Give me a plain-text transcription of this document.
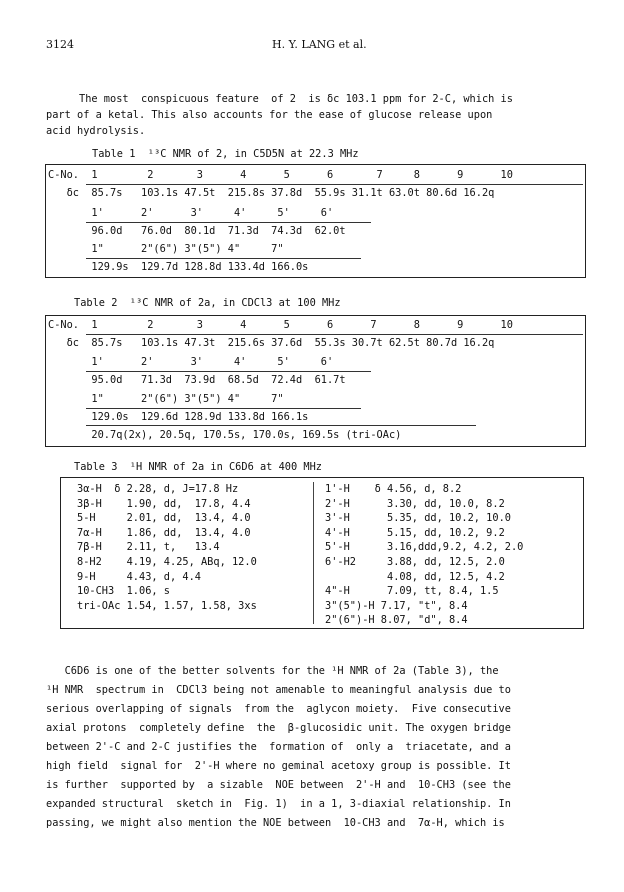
3124	H. Y. LANG et al.
The most  conspicuous feature  of 2  is δc 103.1 ppm for 2-C, which is
part of a ketal. This also accounts for the ease of glucose release upon
acid hydrolysis.
Table 1  ¹³C NMR of 2, in C5D5N at 22.3 MHz
C-No.  1        2       3      4      5      6       7     8      9      10
δc  85.7s   103.1s 47.5t  215.8s 37.8d  55.9s 31.1t 63.0t 80.6d 16.2q
1'      2'      3'     4'     5'     6'
96.0d   76.0d  80.1d  71.3d  74.3d  62.0t
1"      2"(6") 3"(5") 4"     7"
129.9s  129.7d 128.8d 133.4d 166.0s
Table 2  ¹³C NMR of 2a, in CDCl3 at 100 MHz
C-No.  1        2       3      4      5      6      7      8      9      10
δc  85.7s   103.1s 47.3t  215.6s 37.6d  55.3s 30.7t 62.5t 80.7d 16.2q
1'      2'      3'     4'     5'     6'
95.0d   71.3d  73.9d  68.5d  72.4d  61.7t
1"      2"(6") 3"(5") 4"     7"
129.0s  129.6d 128.9d 133.8d 166.1s
20.7q(2x), 20.5q, 170.5s, 170.0s, 169.5s (tri-OAc)
Table 3  ¹H NMR of 2a in C6D6 at 400 MHz
3α-H  δ 2.28, d, J=17.8 Hz
3β-H    1.90, dd,  17.8, 4.4
5-H     2.01, dd,  13.4, 4.0
7α-H    1.86, dd,  13.4, 4.0
7β-H    2.11, t,   13.4
8-H2    4.19, 4.25, ABq, 12.0
9-H     4.43, d, 4.4
10-CH3  1.06, s
tri-OAc 1.54, 1.57, 1.58, 3xs
1'-H    δ 4.56, d, 8.2
2'-H      3.30, dd, 10.0, 8.2
3'-H      5.35, dd, 10.2, 10.0
4'-H      5.15, dd, 10.2, 9.2
5'-H      3.16,ddd,9.2, 4.2, 2.0
6'-H2     3.88, dd, 12.5, 2.0
4.08, dd, 12.5, 4.2
4"-H      7.09, tt, 8.4, 1.5
3"(5")-H 7.17, "t", 8.4
2"(6")-H 8.07, "d", 8.4
C6D6 is one of the better solvents for the ¹H NMR of 2a (Table 3), the
¹H NMR  spectrum in  CDCl3 being not amenable to meaningful analysis due to
serious overlapping of signals  from the  aglycon moiety.  Five consecutive
axial protons  completely define  the  β-glucosidic unit. The oxygen bridge
between 2'-C and 2-C justifies the  formation of  only a  triacetate, and a
high field  signal for  2'-H where no geminal acetoxy group is possible. It
is further  supported by  a sizable  NOE between  2'-H and  10-CH3 (see the
expanded structural  sketch in  Fig. 1)  in a 1, 3-diaxial relationship. In
passing, we might also mention the NOE between  10-CH3 and  7α-H, which is
